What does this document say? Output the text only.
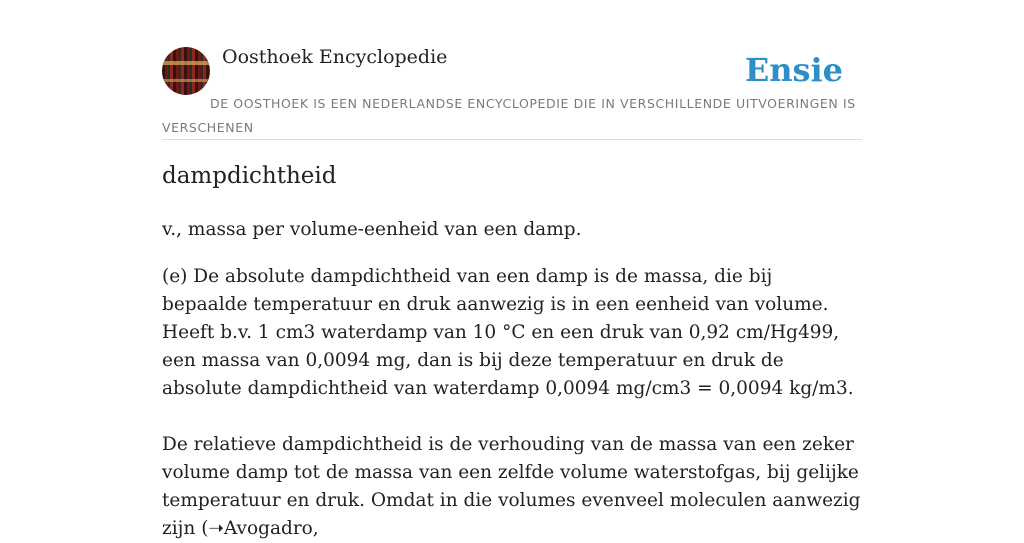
Oosthoek Encyclopedie	Ensie
DE OOSTHOEK IS EEN NEDERLANDSE ENCYCLOPEDIE DIE IN VERSCHILLENDE UITVOERINGEN IS VERSCHENEN
dampdichtheid

v., massa per volume-eenheid van een damp.

(e) De absolute dampdichtheid van een damp is de massa, die bij bepaalde temperatuur en druk aanwezig is in een eenheid van volume. Heeft b.v. 1 cm3 waterdamp van 10 °C en een druk van 0,92 cm/Hg499, een massa van 0,0094 mg, dan is bij deze temperatuur en druk de absolute dampdichtheid van waterdamp 0,0094 mg/cm3 = 0,0094 kg/m3.

De relatieve dampdichtheid is de verhouding van de massa van een zeker volume damp tot de massa van een zelfde volume waterstofgas, bij gelijke temperatuur en druk. Omdat in die volumes evenveel moleculen aanwezig zijn (➝Avogadro,
